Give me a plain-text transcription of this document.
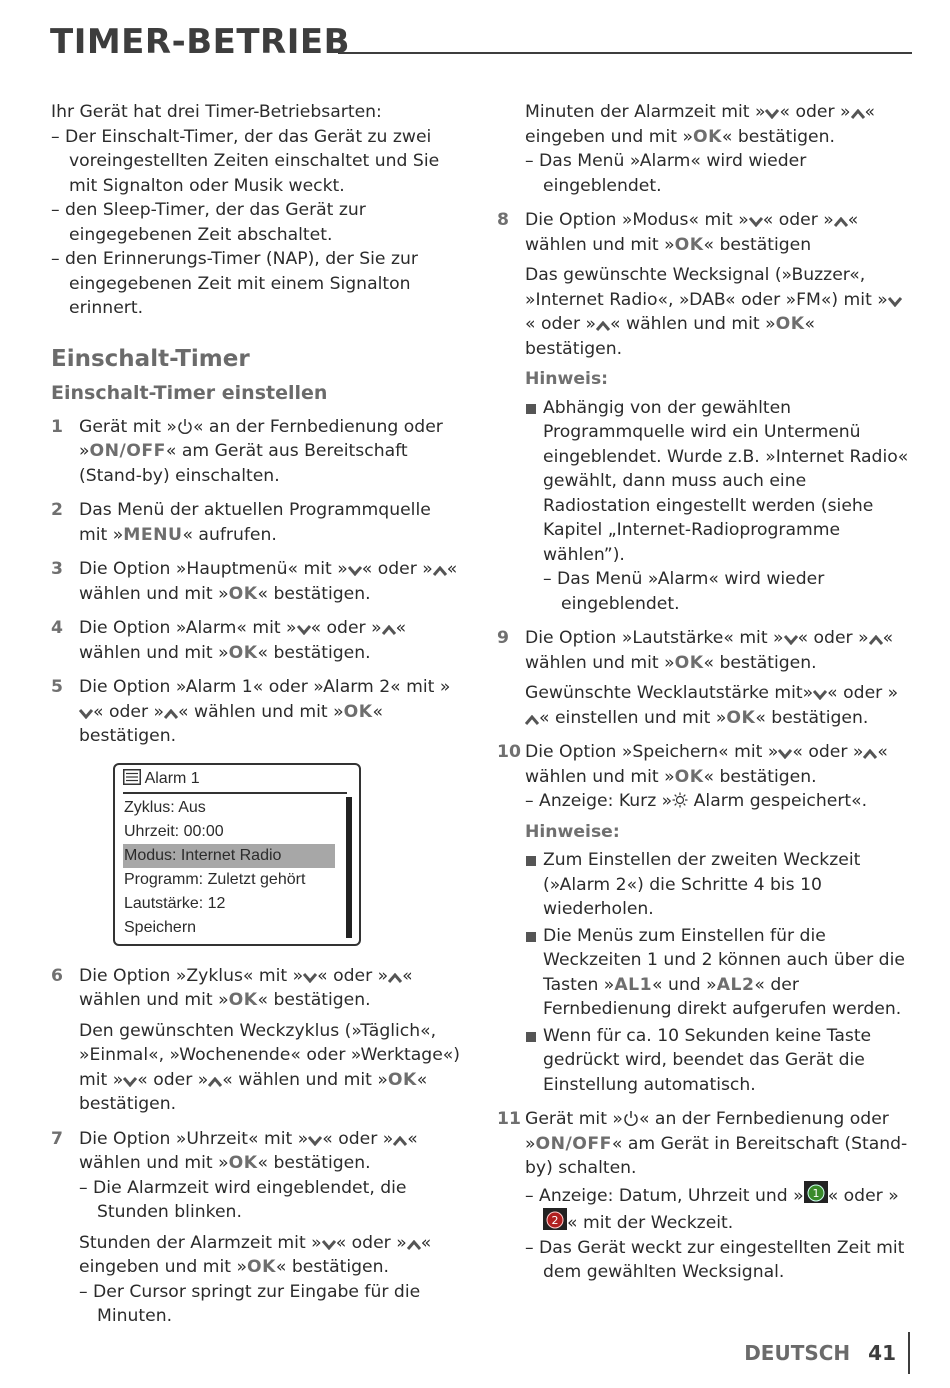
TIMER-BETRIEB

Ihr Gerät hat drei Timer-Betriebsarten:

– Der Einschalt-Timer, der das Gerät zu zwei voreingestellten Zeiten einschaltet und Sie mit Signalton oder Musik weckt.

– den Sleep-Timer, der das Gerät zur eingegebenen Zeit abschaltet.

– den Erinnerungs-Timer (NAP), der Sie zur eingegebenen Zeit mit einem Signalton erinnert.

Einschalt-Timer
Einschalt-Timer einstellen
1 Gerät mit » « an der Fernbedienung oder »ON/OFF« am Gerät aus Bereitschaft (Stand-by) einschalten.

2 Das Menü der aktuellen Programmquelle mit »MENU« aufrufen.

3 Die Option »Hauptmenü« mit » « oder » « wählen und mit »OK« bestätigen.

4 Die Option »Alarm« mit » « oder » « wählen und mit »OK« bestätigen.

5 Die Option »Alarm 1« oder »Alarm 2« mit »« oder » « wählen und mit »OK« bestätigen.

Alarm 1
Zyklus: Aus
Uhrzeit: 00:00
Modus: Internet Radio
Programm: Zuletzt gehört
Lautstärke: 12
Speichern
6 Die Option »Zyklus« mit » « oder » « wählen und mit »OK« bestätigen.

Den gewünschten Weckzyklus (»Täglich«, »Einmal«, »Wochenende« oder »Werktage«) mit » « oder » « wählen und mit »OK« bestätigen.

7 Die Option »Uhrzeit« mit » « oder » « wählen und mit »OK« bestätigen.

– Die Alarmzeit wird eingeblendet, die Stunden blinken.

Stunden der Alarmzeit mit » « oder » « eingeben und mit »OK« bestätigen.

– Der Cursor springt zur Eingabe für die Minuten.

Minuten der Alarmzeit mit » « oder » « eingeben und mit »OK« bestätigen.

– Das Menü »Alarm« wird wieder eingeblendet.

8 Die Option »Modus« mit » « oder » « wählen und mit »OK« bestätigen

Das gewünschte Wecksignal (»Buzzer«, »Internet Radio«, »DAB« oder »FM«) mit »« oder » « wählen und mit »OK« bestätigen.

Hinweis:

Abhängig von der gewählten Programmquelle wird ein Untermenü eingeblendet. Wurde z.B. »Internet Radio« gewählt, dann muss auch eine Radiostation eingestellt werden (siehe Kapitel „Internet-Radioprogramme wählen”).

– Das Menü »Alarm« wird wieder eingeblendet.

9 Die Option »Lautstärke« mit » « oder » « wählen und mit »OK« bestätigen.

Gewünschte Wecklautstärke mit» « oder »« einstellen und mit »OK« bestätigen.

10 Die Option »Speichern« mit » « oder » « wählen und mit »OK« bestätigen.

– Anzeige: Kurz » Alarm gespeichert«.

Hinweise:

Zum Einstellen der zweiten Weckzeit (»Alarm 2«) die Schritte 4 bis 10 wiederholen.

Die Menüs zum Einstellen für die Weckzeiten 1 und 2 können auch über die Tasten »AL1« und »AL2« der Fernbedienung direkt aufgerufen werden.

Wenn für ca. 10 Sekunden keine Taste gedrückt wird, beendet das Gerät die Einstellung automatisch.

11 Gerät mit » « an der Fernbedienung oder »ON/OFF« am Gerät in Bereitschaft (Stand-by) schalten.

– Anzeige: Datum, Uhrzeit und » 1 « oder »
2 « mit der Weckzeit.

– Das Gerät weckt zur eingestellten Zeit mit dem gewählten Wecksignal.

DEUTSCH 41
